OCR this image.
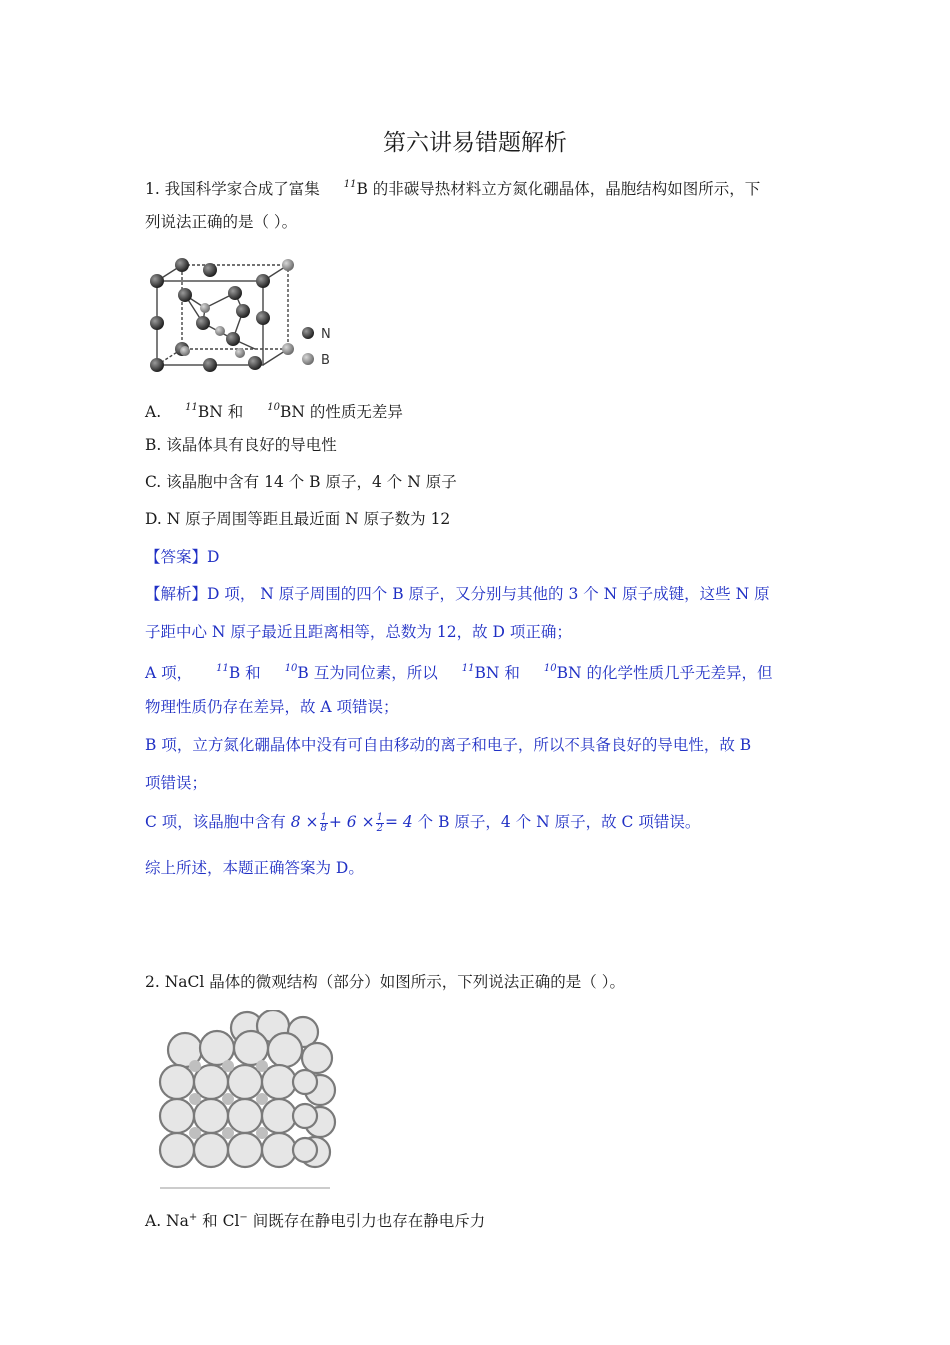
第六讲易错题解析
1. 我国科学家合成了富集 $^{11}$B 的非碳导热材料立方氮化硼晶体，晶胞结构如图所示，下
列说法正确的是（ ）。
N
B
A. $^{11}$BN 和 $^{10}$BN 的性质无差异
B. 该晶体具有良好的导电性
C. 该晶胞中含有 14 个 B 原子，4 个 N 原子
D. N 原子周围等距且最近面 N 原子数为 12
【答案】D
【解析】D 项， N 原子周围的四个 B 原子，又分别与其他的 3 个 N 原子成键，这些 N 原
子距中心 N 原子最近且距离相等，总数为 12，故 D 项正确；
A 项， $^{11}$B 和 $^{10}$B 互为同位素，所以 $^{11}$BN 和 $^{10}$BN 的化学性质几乎无差异，但
物理性质仍存在差异，故 A 项错误；
B 项，立方氮化硼晶体中没有可自由移动的离子和电子，所以不具备良好的导电性，故 B
项错误；
C 项，该晶胞中含有 $8 \times \frac{1}{8} + 6 \times \frac{1}{2} = 4$ 个 B 原子，4 个 N 原子，故 C 项错误。
综上所述，本题正确答案为 D。
2. NaCl 晶体的微观结构（部分）如图所示，下列说法正确的是（ ）。
A. Na+ 和 Cl− 间既存在静电引力也存在静电斥力
